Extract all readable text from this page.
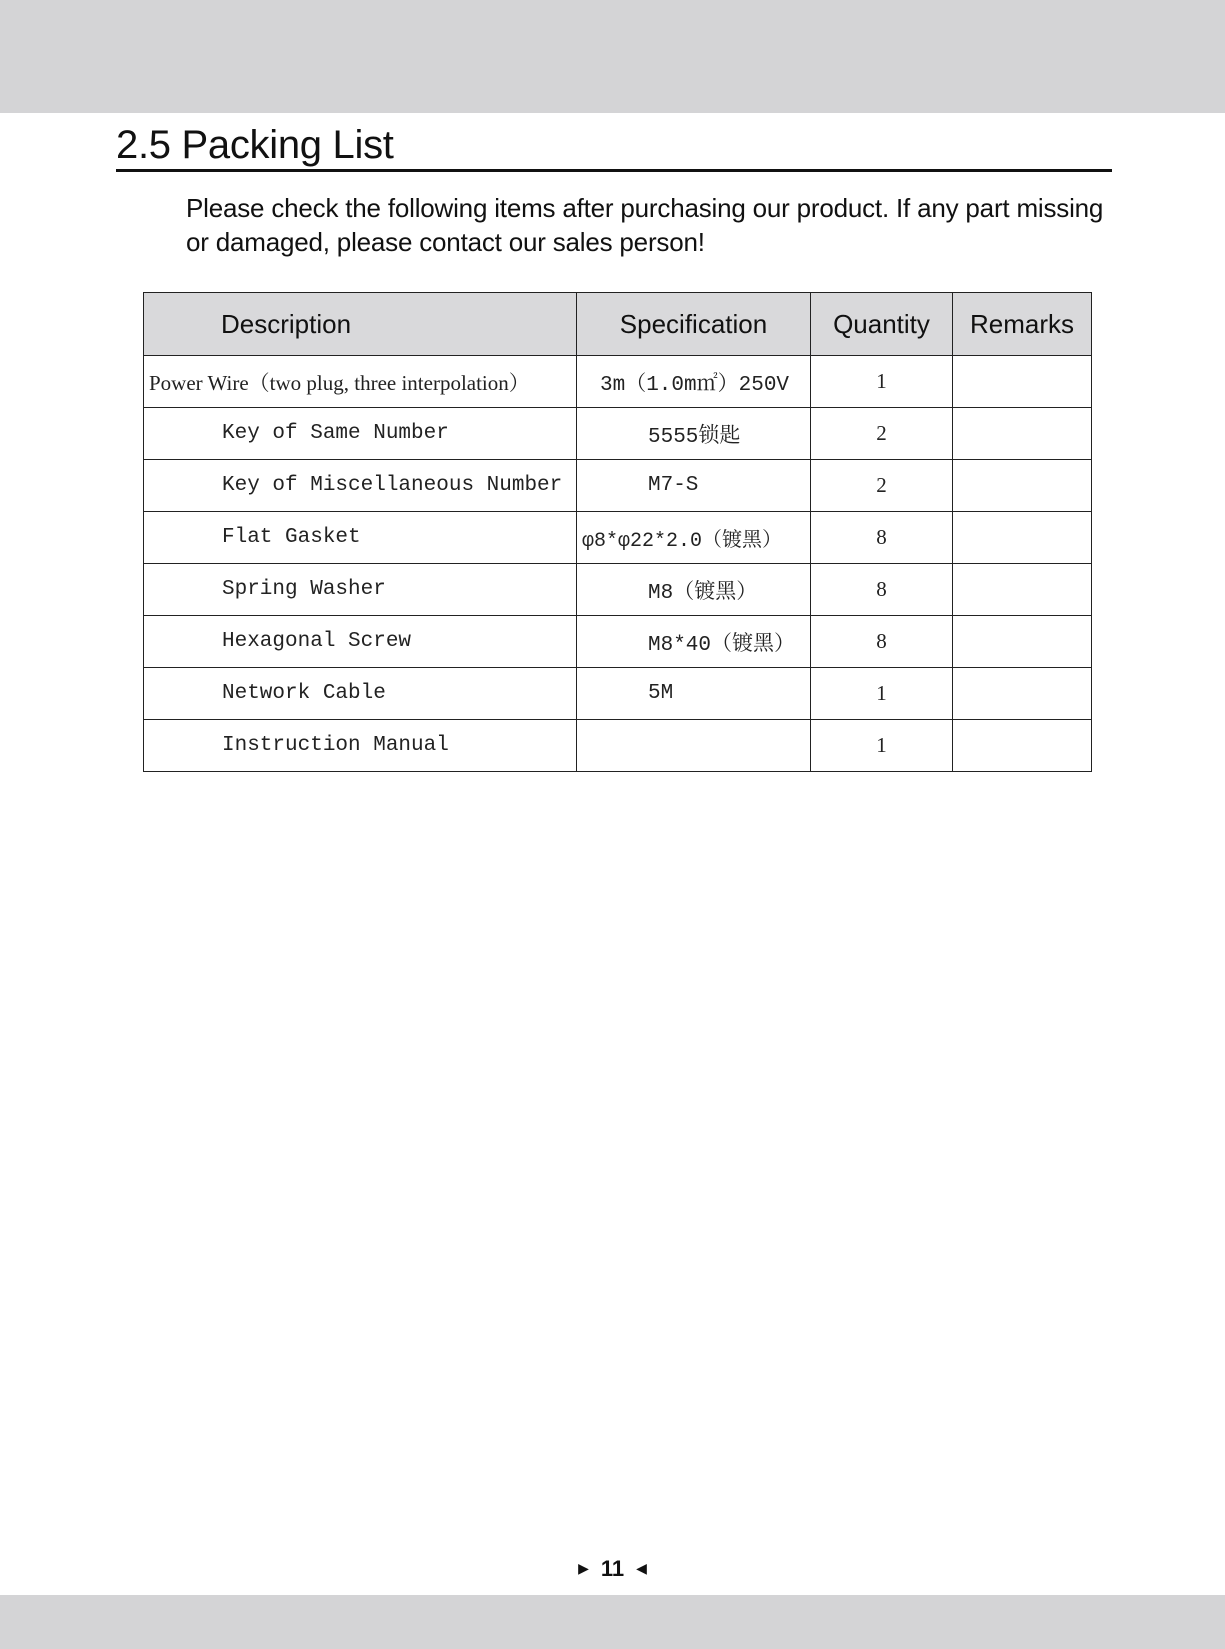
2.5 Packing List

Please check the following items after purchasing our product. If any part missing or damaged, please contact our sales person!

Description	Specification	Quantity	Remarks
Power Wire（two plug, three interpolation）	3m（1.0m㎡）250V	1	
Key of Same Number	5555锁匙	2	
Key of Miscellaneous Number	M7-S	2	
Flat Gasket	φ8*φ22*2.0（镀黑）	8	
Spring Washer	M8（镀黑）	8	
Hexagonal Screw	M8*40（镀黑）	8	
Network Cable	5M	1	
Instruction Manual		1	
▶ 11 ◀
